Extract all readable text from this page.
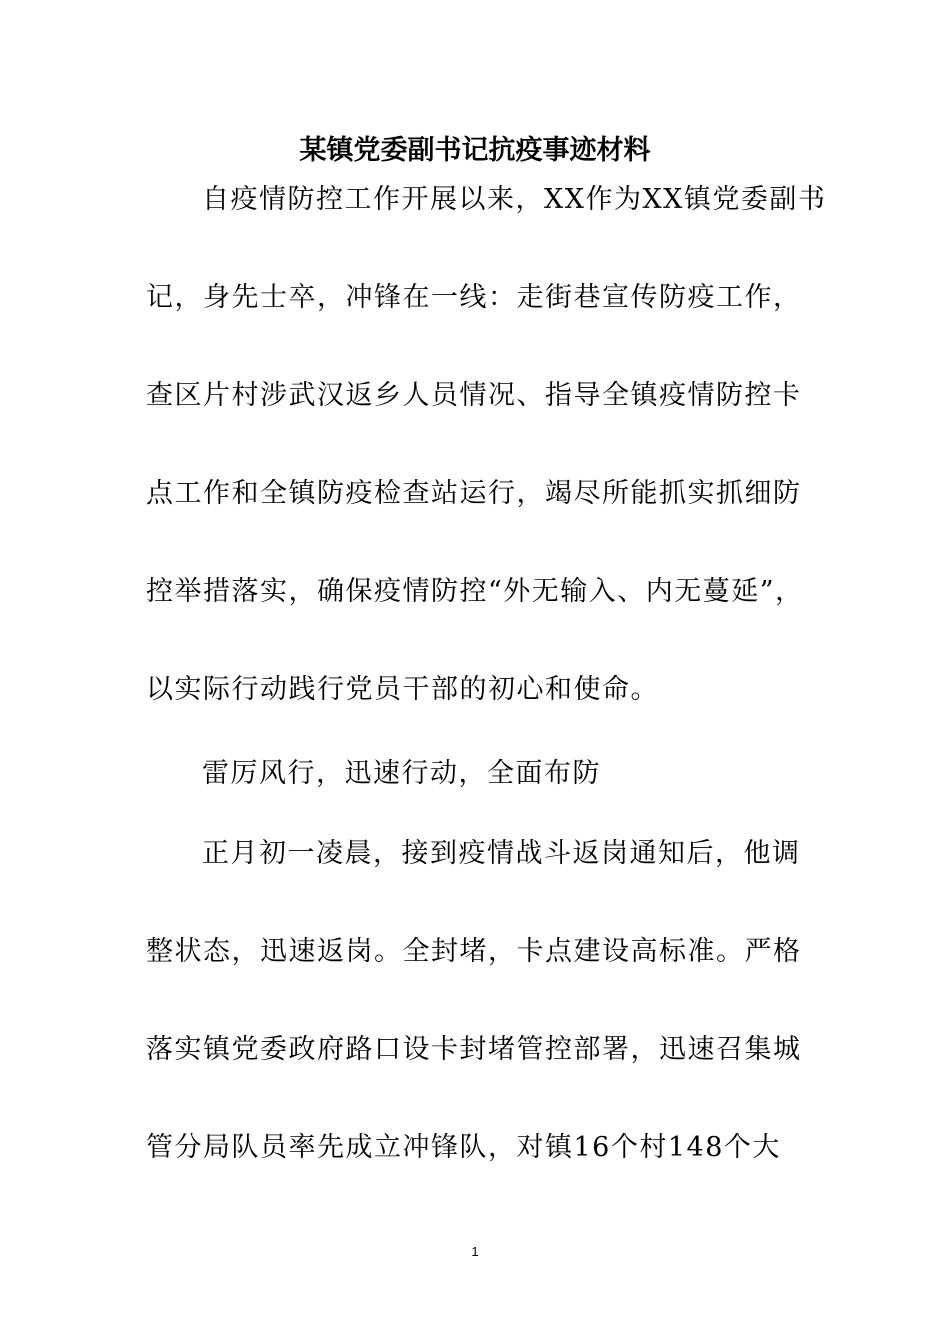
某镇党委副书记抗疫事迹材料
自疫情防控工作开展以来，XX作为XX镇党委副书
记，身先士卒，冲锋在一线：走街巷宣传防疫工作，
查区片村涉武汉返乡人员情况、指导全镇疫情防控卡
点工作和全镇防疫检查站运行，竭尽所能抓实抓细防
控举措落实，确保疫情防控“外无输入、内无蔓延”，
以实际行动践行党员干部的初心和使命。
雷厉风行，迅速行动，全面布防
正月初一凌晨，接到疫情战斗返岗通知后，他调
整状态，迅速返岗。全封堵，卡点建设高标准。严格
落实镇党委政府路口设卡封堵管控部署，迅速召集城
管分局队员率先成立冲锋队，对镇16个村148个大
1
